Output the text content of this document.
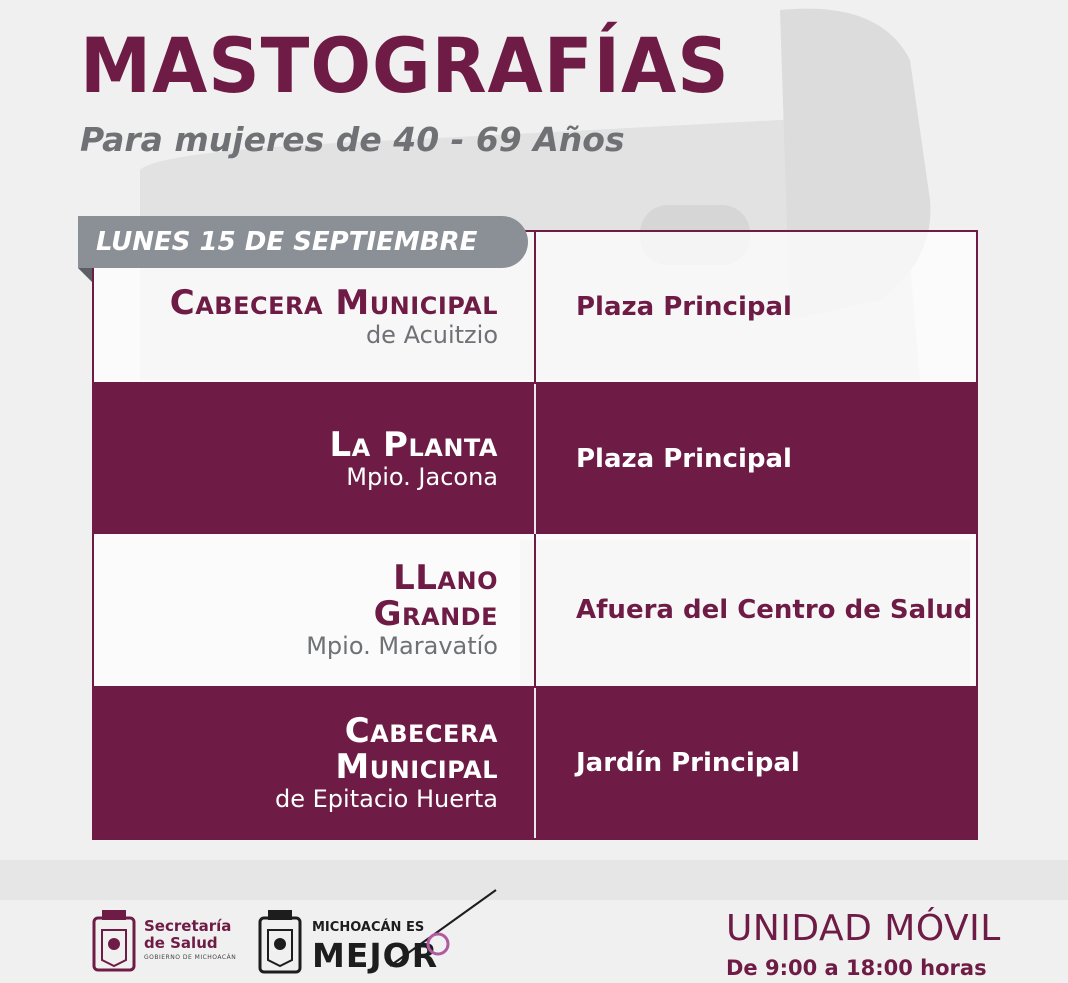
MASTOGRAFÍAS
Para mujeres de 40 - 69 Años
Cabecera Municipal
de Acuitzio
Plaza Principal
La Planta
Mpio. Jacona
Plaza Principal
LLano
Grande
Mpio. Maravatío
Afuera del Centro de Salud
Cabecera
Municipal
de Epitacio Huerta
Jardín Principal
LUNES 15 DE SEPTIEMBRE
Secretaría
de Salud
GOBIERNO DE MICHOACÁN
MICHOACÁN ES
MEJOR
UNIDAD MÓVIL
De 9:00 a 18:00 horas
